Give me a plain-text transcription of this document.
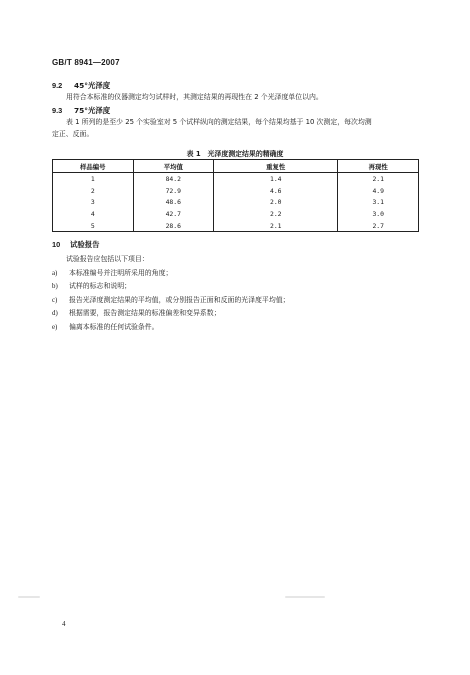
GB/T 8941—2007
9.2 45°光泽度
用符合本标准的仪器测定均匀试样时，其测定结果的再现性在 2 个光泽度单位以内。
9.3 75°光泽度
表 1 所列的是至少 25 个实验室对 5 个试样纵向的测定结果，每个结果均基于 10 次测定，每次均测
定正、反面。
表 1　光泽度测定结果的精确度
样品编号	平均值	重复性	再现性
1	84.2	1.4	2.1
2	72.9	4.6	4.9
3	48.6	2.0	3.1
4	42.7	2.2	3.0
5	28.6	2.1	2.7
10 试验报告
试验报告应包括以下项目：
a) 本标准编号并注明所采用的角度；
b) 试样的标志和说明；
c) 报告光泽度测定结果的平均值，或分别报告正面和反面的光泽度平均值；
d) 根据需要，报告测定结果的标准偏差和变异系数；
e) 偏离本标准的任何试验条件。
4
